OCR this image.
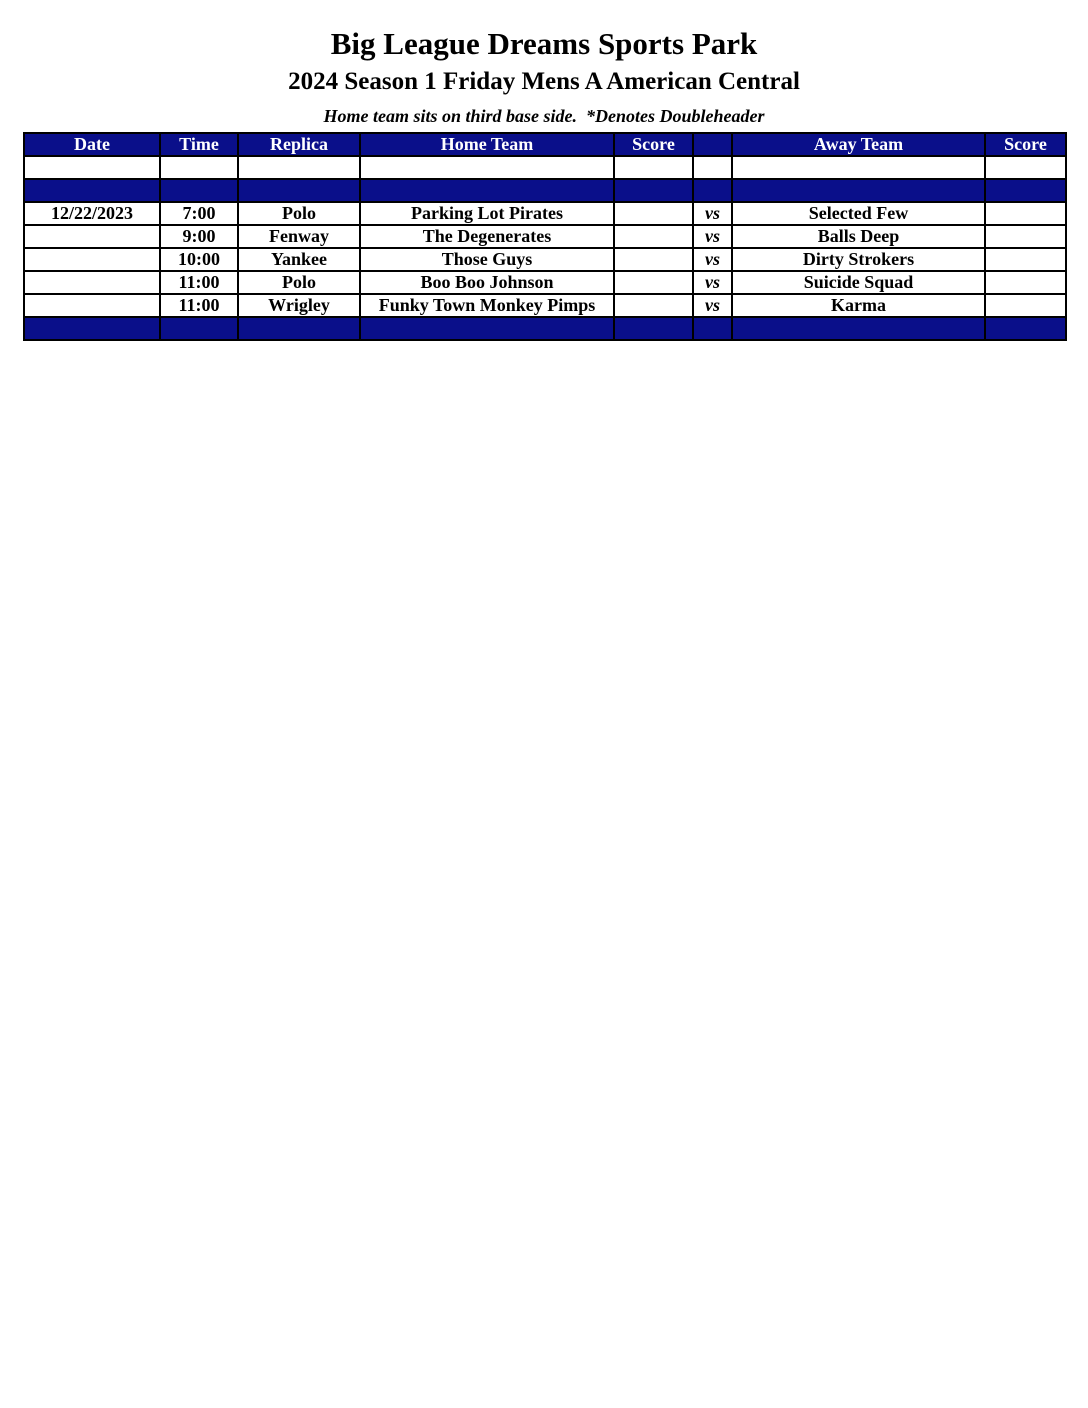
Big League Dreams Sports Park
2024 Season 1 Friday Mens A American Central
Home team sits on third base side.  *Denotes Doubleheader
Date	Time	Replica	Home Team	Score		Away Team	Score

12/22/2023	7:00	Polo	Parking Lot Pirates		vs	Selected Few	
	9:00	Fenway	The Degenerates		vs	Balls Deep	
	10:00	Yankee	Those Guys		vs	Dirty Strokers	
	11:00	Polo	Boo Boo Johnson		vs	Suicide Squad	
	11:00	Wrigley	Funky Town Monkey Pimps		vs	Karma	
